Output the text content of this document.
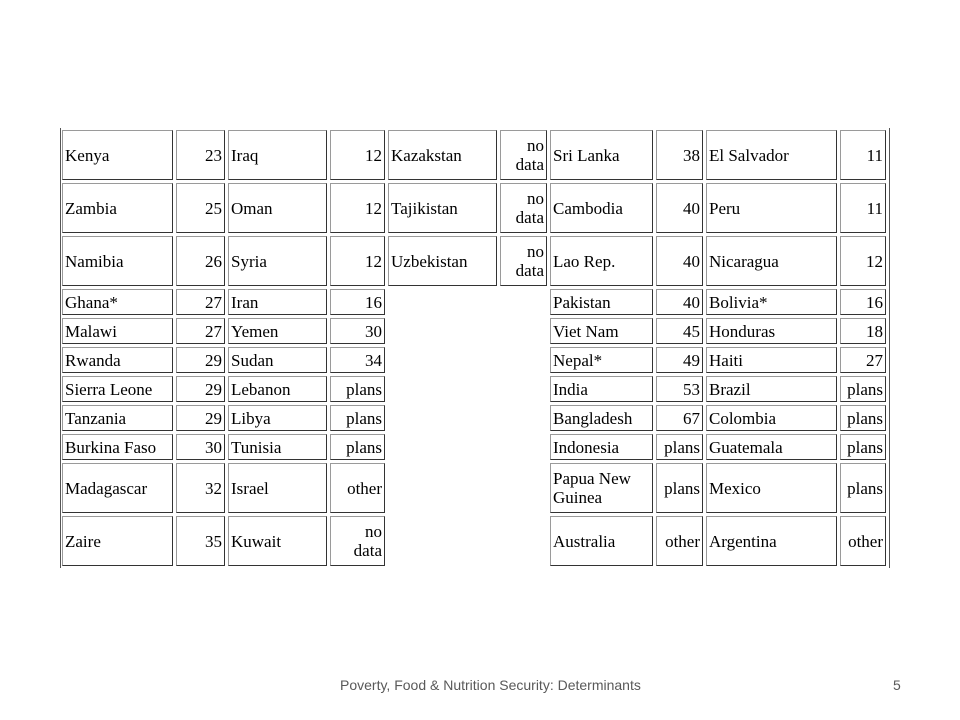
Kenya	23 Iraq	12 Kazakstan	no data Sri Lanka	38 El Salvador	11
Zambia	25 Oman	12 Tajikistan	no data Cambodia	40 Peru	11
Namibia	26 Syria	12 Uzbekistan	no data Lao Rep.	40 Nicaragua	12
Ghana*	27 Iran	16	Pakistan	40 Bolivia*	16
Malawi	27 Yemen	30	Viet Nam	45 Honduras	18
Rwanda	29 Sudan	34	Nepal*	49 Haiti	27
Sierra Leone	29 Lebanon	plans	India	53 Brazil	plans
Tanzania	29 Libya	plans	Bangladesh	67 Colombia	plans
Burkina Faso	30 Tunisia	plans	Indonesia	plans Guatemala	plans
Madagascar	32 Israel	other	Papua New Guinea	plans Mexico	plans
Zaire	35 Kuwait	no data	Australia	other Argentina	other
Poverty, Food & Nutrition Security: Determinants	5
